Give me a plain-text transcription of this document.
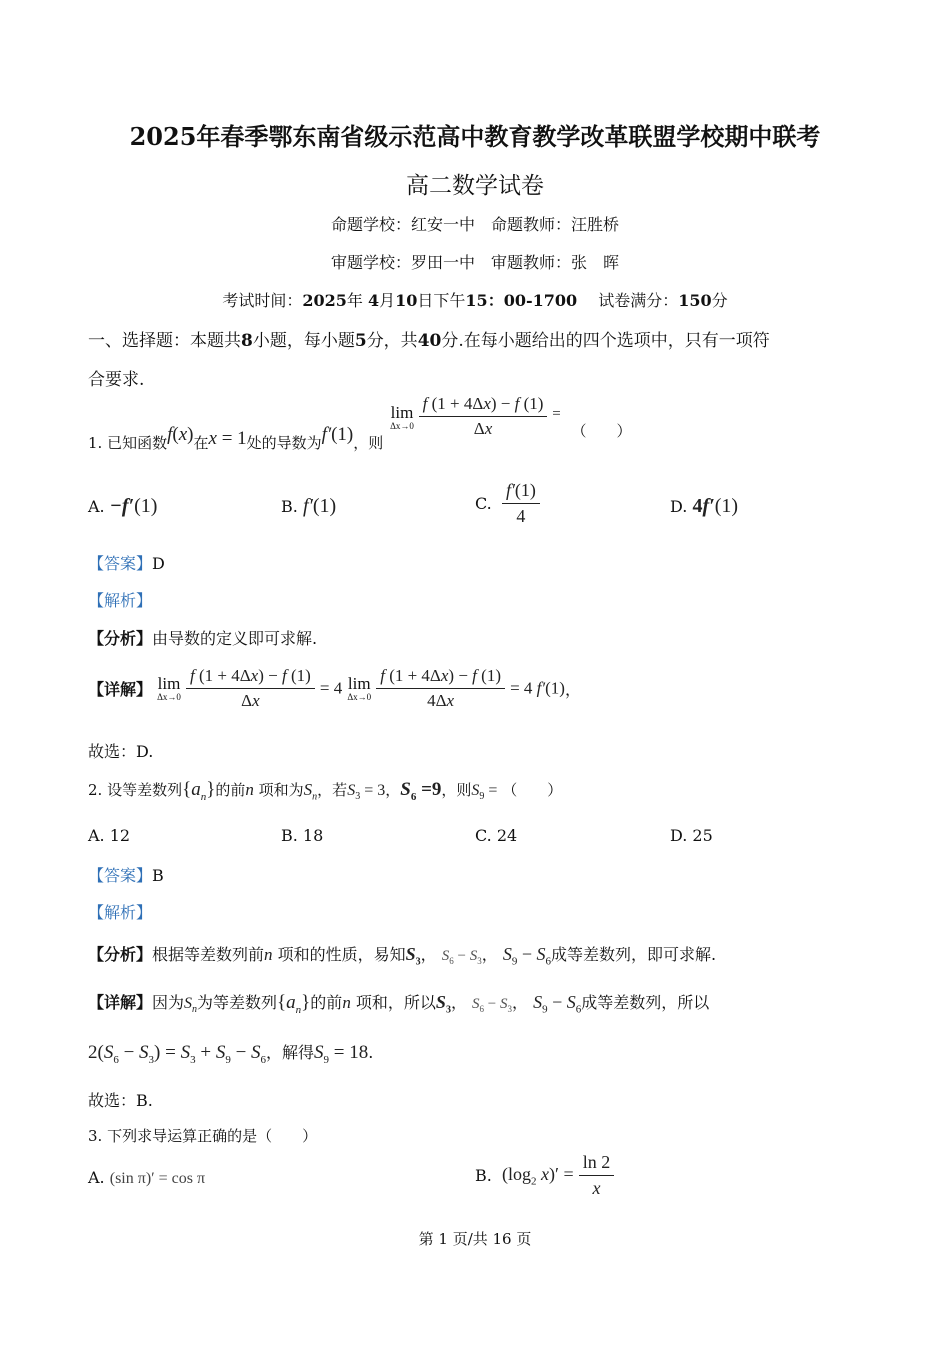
2025年春季鄂东南省级示范高中教育教学改革联盟学校期中联考
高二数学试卷
命题学校：红安一中　命题教师：汪胜桥
审题学校：罗田一中　审题教师：张　晖
考试时间：2025年 4月10日下午15：00-1700　 试卷满分：150分
一、选择题：本题共8小题，每小题5分，共40分.在每小题给出的四个选项中，只有一项符
合要求.
1. 已知函数f(x)在x = 1处的导数为f′(1)，则
lim
Δx→0
$\frac{f (1 + 4\Delta x) - f (1)}{\Delta x}$ = （　　）
A. −f′(1)	B. f′(1)	C. $\frac{f'(1)}{4}$	D. 4f′(1)
【答案】D
【解析】
【分析】由导数的定义即可求解.
【详解】 lim
Δx→0
$\frac{f (1 + 4\Delta x) - f (1)}{\Delta x} = 4$ lim
Δx→0
$\frac{f (1 + 4\Delta x) - f (1)}{4\Delta x} = 4$ f′(1)，
故选：D.
2. 设等差数列$\{a_n\}$的前n 项和为$S_n$，若$S_3 = 3$，$S_6 =9$，则$S_9$ = （　　）
A. 12	B. 18	C. 24	D. 25
【答案】B
【解析】
【分析】根据等差数列前n 项和的性质，易知$S_3$， $S_6 - S_3$， $S_9 - S_6$成等差数列，即可求解.
【详解】因为$S_n$为等差数列$\{a_n\}$的前n 项和，所以$S_3$， $S_6 - S_3$， $S_9 - S_6$成等差数列，所以
$2(S_6 - S_3) = S_3 + S_9 - S_6$，解得$S_9 = 18$.
故选：B.
3. 下列求导运算正确的是（　　）
A. (sin π)′ = cos π	B. ($\log_2$ $x)' = \frac{\ln 2}{x}$
第 1 页/共 16 页
